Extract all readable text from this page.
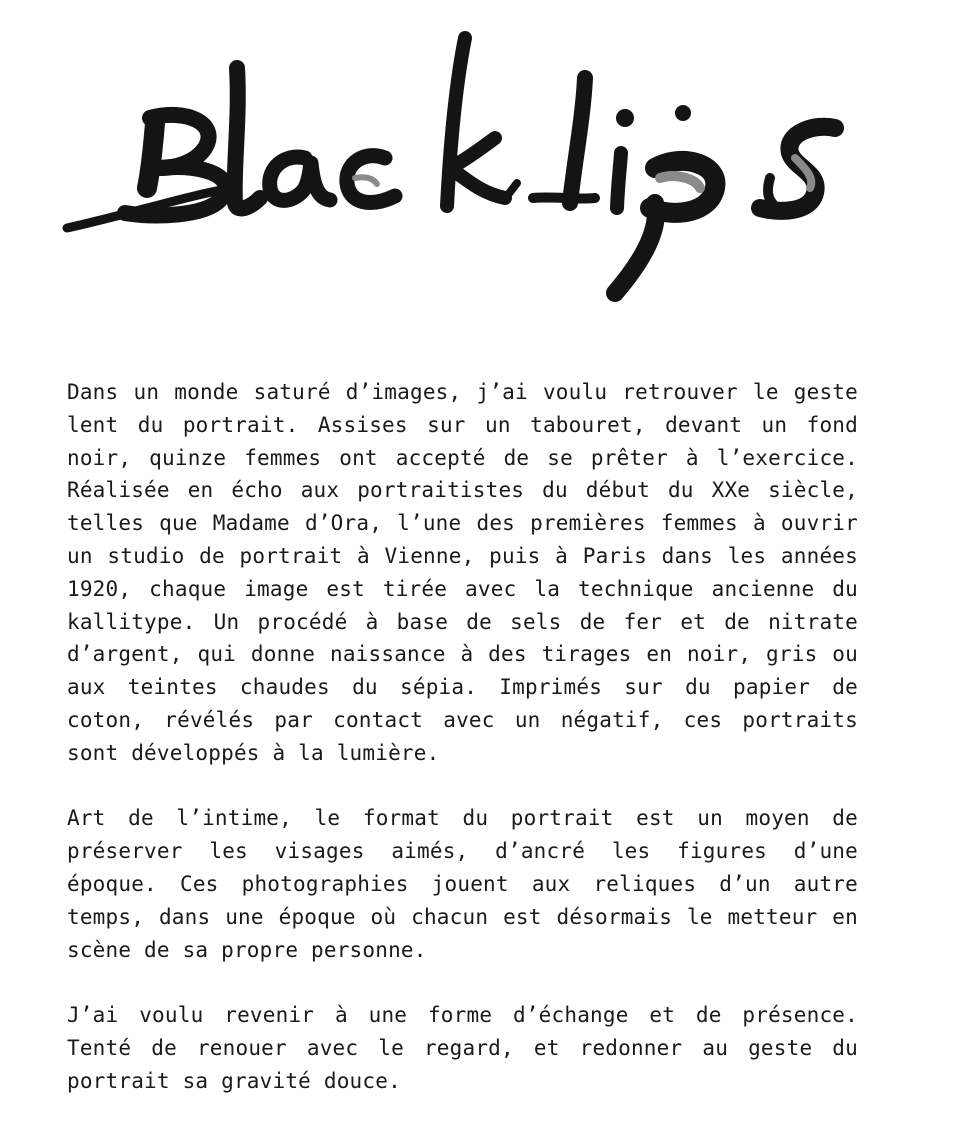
Dans un monde saturé d’images, j’ai voulu retrouver le geste lent du portrait. Assises sur un tabouret, devant un fond noir, quinze femmes ont accepté de se prêter à l’exercice. Réalisée en écho aux portraitistes du début du XXe siècle, telles que Madame d’Ora, l’une des premières femmes à ouvrir un studio de portrait à Vienne, puis à Paris dans les années 1920, chaque image est tirée avec la technique ancienne du kallitype. Un procédé à base de sels de fer et de nitrate d’argent, qui donne naissance à des tirages en noir, gris ou aux teintes chaudes du sépia. Imprimés sur du papier de coton, révélés par contact avec un négatif, ces portraits sont développés à la lumière.

Art de l’intime, le format du portrait est un moyen de préserver les visages aimés, d’ancré les figures d’une époque. Ces photographies jouent aux reliques d’un autre temps, dans une époque où chacun est désormais le metteur en scène de sa propre personne.

J’ai voulu revenir à une forme d’échange et de présence. Tenté de renouer avec le regard, et redonner au geste du portrait sa gravité douce.
